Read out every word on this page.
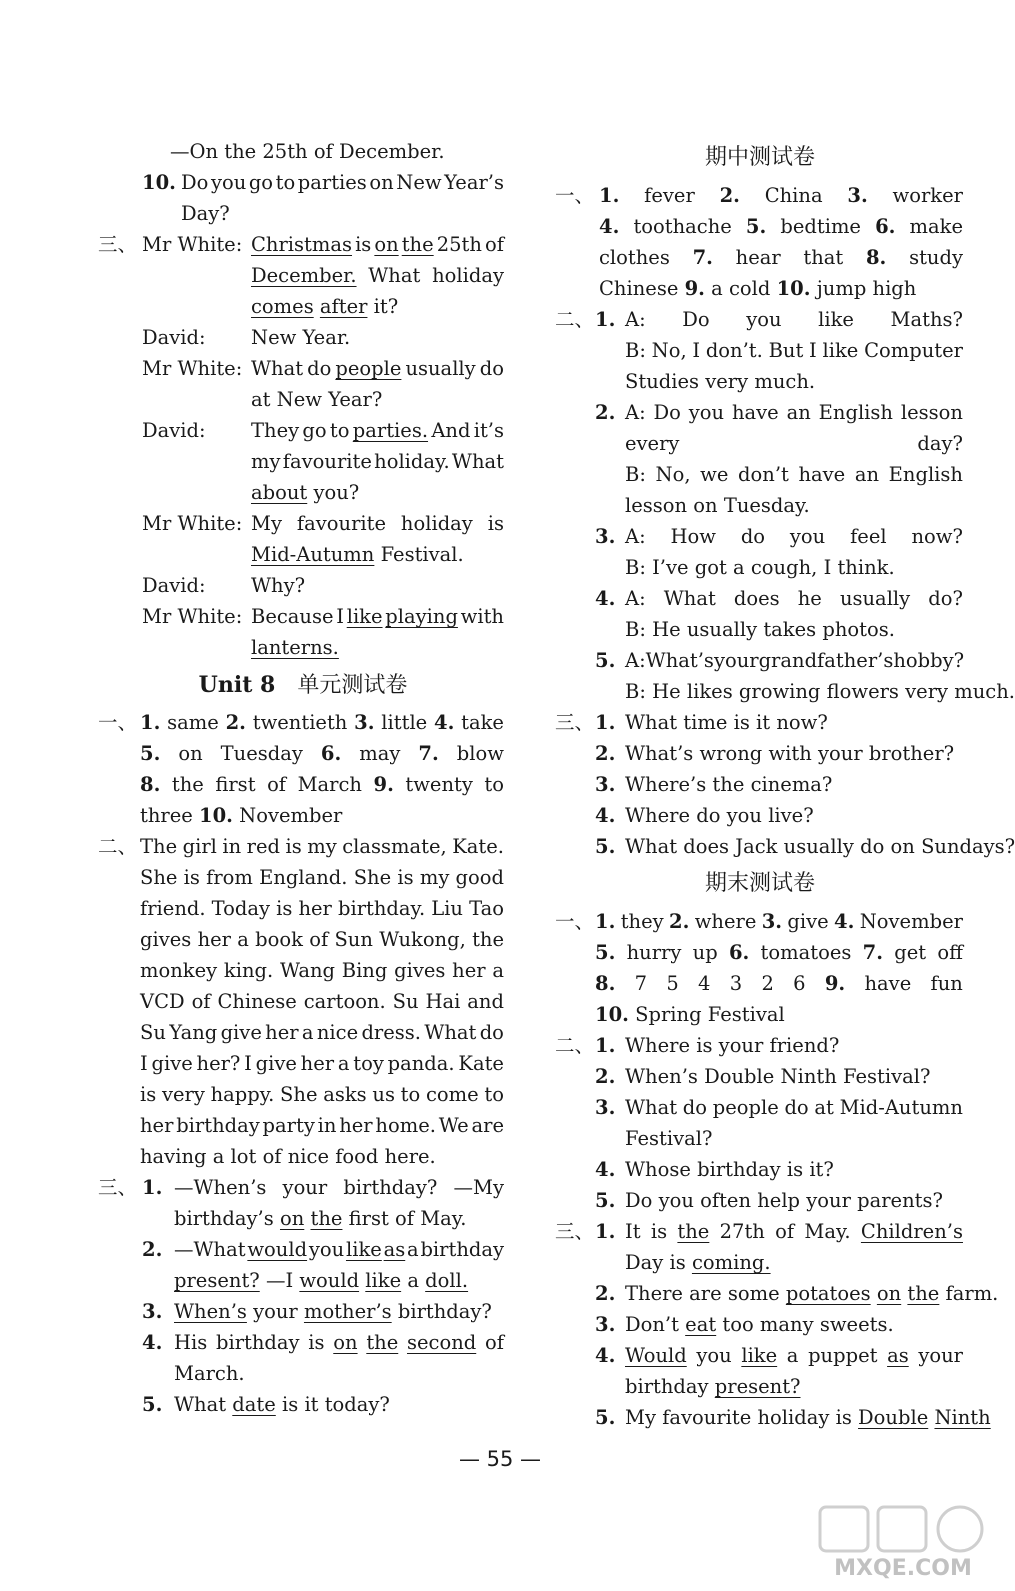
—On the 25th of December.
10. Do you go to parties on New Year’s
Day?
三、 Mr White: Christmas is on the 25th of
December. What holiday
comes after it?
David: New Year.
Mr White: What do people usually do
at New Year?
David: They go to parties. And it’s
my favourite holiday. What
about you?
Mr White: My favourite holiday is
Mid-Autumn Festival.
David: Why?
Mr White: Because I like playing with
lanterns.
Unit 8  单元测试卷
一、 1. same 2. twentieth 3. little 4. take
5. on Tuesday 6. may 7. blow
8. the first of March 9. twenty to
three 10. November
二、 The girl in red is my classmate, Kate.
She is from England. She is my good
friend. Today is her birthday. Liu Tao
gives her a book of Sun Wukong, the
monkey king. Wang Bing gives her a
VCD of Chinese cartoon. Su Hai and
Su Yang give her a nice dress. What do
I give her? I give her a toy panda. Kate
is very happy. She asks us to come to
her birthday party in her home. We are
having a lot of nice food here.
三、 1. —When’s your birthday? —My
birthday’s on the first of May.
2. —What would you like as a birthday
present? —I would like a doll.
3. When’s your mother’s birthday?
4. His birthday is on the second of
March.
5. What date is it today?
期中测试卷
一、 1. fever 2. China 3. worker
4. toothache 5. bedtime 6. make
clothes 7. hear that 8. study
Chinese 9. a cold 10. jump high
二、 1. A: Do you like Maths?
B: No, I don’t. But I like Computer
Studies very much.
2. A: Do you have an English lesson
every	day?
B: No, we don’t have an English
lesson on Tuesday.
3. A: How do you feel now?
B: I’ve got a cough, I think.
4. A: What does he usually do?
B: He usually takes photos.
5. A: What’s your grandfather’s hobby?
B: He likes growing flowers very much.
三、 1. What time is it now?
2. What’s wrong with your brother?
3. Where’s the cinema?
4. Where do you live?
5. What does Jack usually do on Sundays?
期末测试卷
一、 1. they 2. where 3. give 4. November
5. hurry up 6. tomatoes 7. get off
8. 7 5 4 3 2 6 9. have fun
10. Spring Festival
二、 1. Where is your friend?
2. When’s Double Ninth Festival?
3. What do people do at Mid-Autumn
Festival?
4. Whose birthday is it?
5. Do you often help your parents?
三、 1. It is the 27th of May. Children’s
Day is coming.
2. There are some potatoes on the farm.
3. Don’t eat too many sweets.
4. Would you like a puppet as your
birthday present?
5. My favourite holiday is Double Ninth
— 55 —
MXQE.COM
